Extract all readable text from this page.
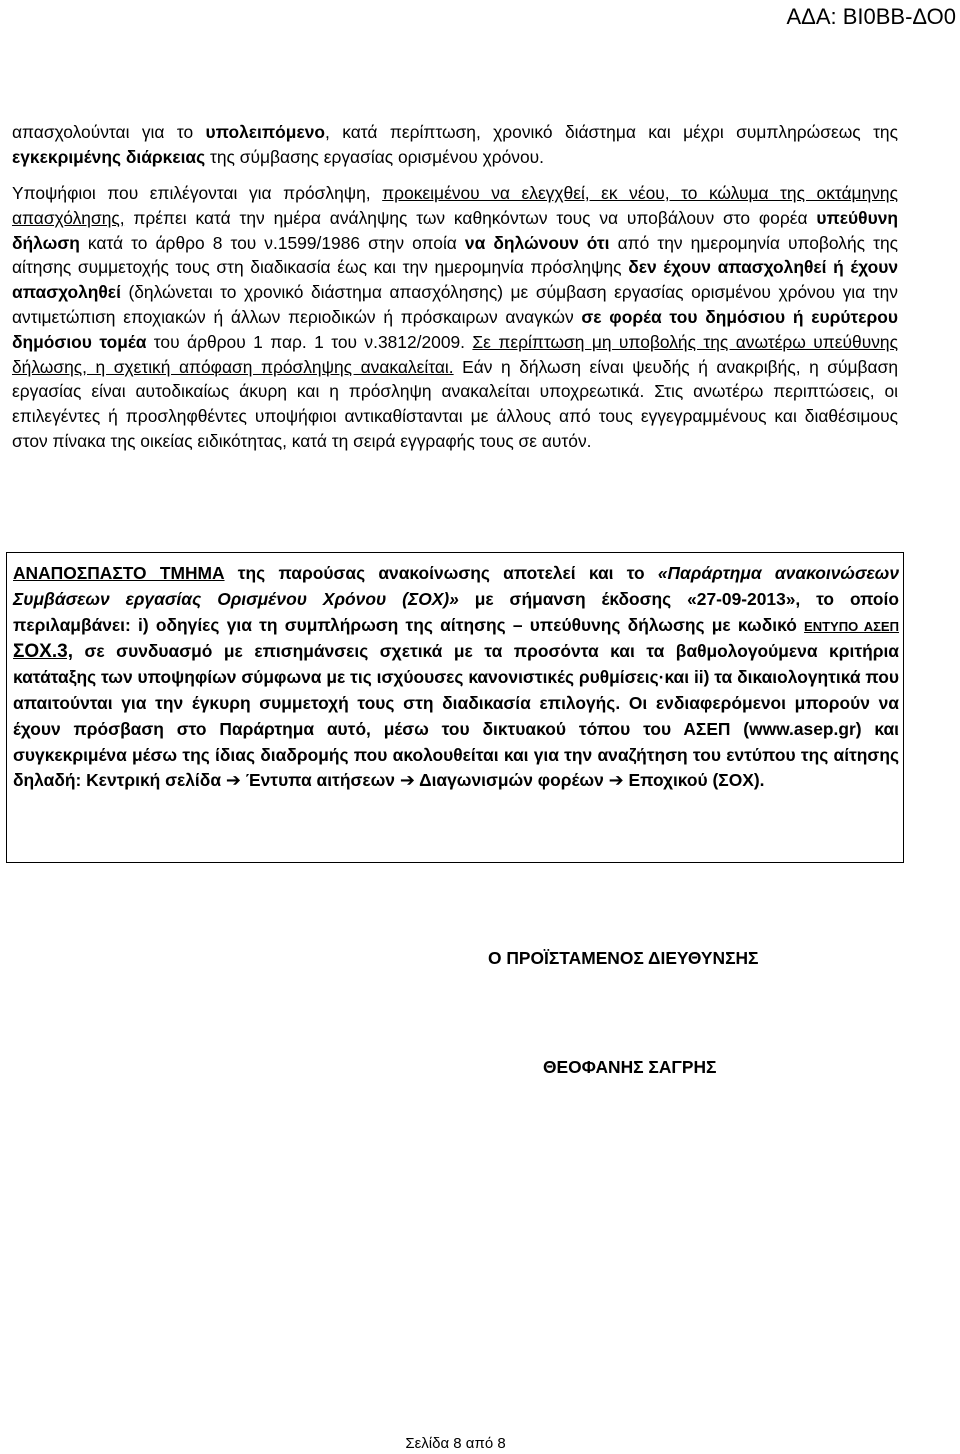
ΑΔΑ: ΒΙ0ΒΒ-ΔΟ0
απασχολούνται για το υπολειπόμενο, κατά περίπτωση, χρονικό διάστημα και μέχρι συμπληρώσεως της εγκεκριμένης διάρκειας της σύμβασης εργασίας ορισμένου χρόνου.
Υποψήφιοι που επιλέγονται για πρόσληψη, προκειμένου να ελεγχθεί, εκ νέου, το κώλυμα της οκτάμηνης απασχόλησης, πρέπει κατά την ημέρα ανάληψης των καθηκόντων τους να υποβάλουν στο φορέα υπεύθυνη δήλωση κατά το άρθρο 8 του ν.1599/1986 στην οποία να δηλώνουν ότι από την ημερομηνία υποβολής της αίτησης συμμετοχής τους στη διαδικασία έως και την ημερομηνία πρόσληψης δεν έχουν απασχοληθεί ή έχουν απασχοληθεί (δηλώνεται το χρονικό διάστημα απασχόλησης) με σύμβαση εργασίας ορισμένου χρόνου για την αντιμετώπιση εποχιακών ή άλλων περιοδικών ή πρόσκαιρων αναγκών σε φορέα του δημόσιου ή ευρύτερου δημόσιου τομέα του άρθρου 1 παρ. 1 του ν.3812/2009. Σε περίπτωση μη υποβολής της ανωτέρω υπεύθυνης δήλωσης, η σχετική απόφαση πρόσληψης ανακαλείται. Εάν η δήλωση είναι ψευδής ή ανακριβής, η σύμβαση εργασίας είναι αυτοδικαίως άκυρη και η πρόσληψη ανακαλείται υποχρεωτικά. Στις ανωτέρω περιπτώσεις, οι επιλεγέντες ή προσληφθέντες υποψήφιοι αντικαθίστανται με άλλους από τους εγγεγραμμένους και διαθέσιμους στον πίνακα της οικείας ειδικότητας, κατά τη σειρά εγγραφής τους σε αυτόν.
ΑΝΑΠΟΣΠΑΣΤΟ ΤΜΗΜΑ της παρούσας ανακοίνωσης αποτελεί και το «Παράρτημα ανακοινώσεων Συμβάσεων εργασίας Ορισμένου Χρόνου (ΣΟΧ)» με σήμανση έκδοσης «27-09-2013», το οποίο περιλαμβάνει: i) οδηγίες για τη συμπλήρωση της αίτησης – υπεύθυνης δήλωσης με κωδικό ΕΝΤΥΠΟ ΑΣΕΠ ΣΟΧ.3, σε συνδυασμό με επισημάνσεις σχετικά με τα προσόντα και τα βαθμολογούμενα κριτήρια κατάταξης των υποψηφίων σύμφωνα με τις ισχύουσες κανονιστικές ρυθμίσεις·και ii) τα δικαιολογητικά που απαιτούνται για την έγκυρη συμμετοχή τους στη διαδικασία επιλογής. Οι ενδιαφερόμενοι μπορούν να έχουν πρόσβαση στο Παράρτημα αυτό, μέσω του δικτυακού τόπου του ΑΣΕΠ (www.asep.gr) και συγκεκριμένα μέσω της ίδιας διαδρομής που ακολουθείται και για την αναζήτηση του εντύπου της αίτησης δηλαδή: Κεντρική σελίδα ➔ Έντυπα αιτήσεων ➔ Διαγωνισμών φορέων ➔ Εποχικού (ΣΟΧ).
Ο ΠΡΟΪΣΤΑΜΕΝΟΣ ΔΙΕΥΘΥΝΣΗΣ
ΘΕΟΦΑΝΗΣ ΣΑΓΡΗΣ
Σελίδα 8 από 8
